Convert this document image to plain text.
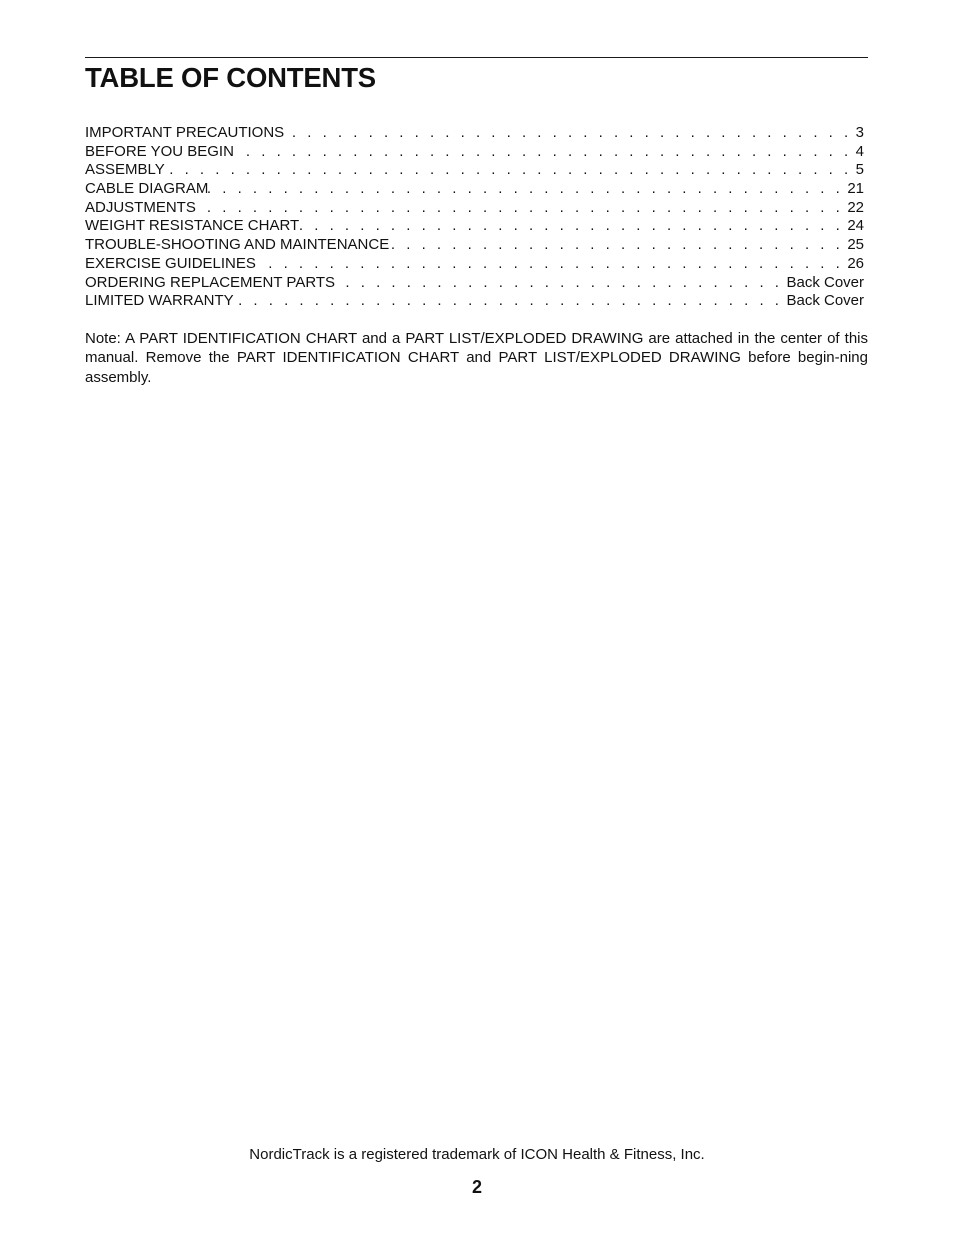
TABLE OF CONTENTS
IMPORTANT PRECAUTIONS . . .	3
BEFORE YOU BEGIN . . .	4
ASSEMBLY . . .	5
CABLE DIAGRAM . . .	21
ADJUSTMENTS . . .	22
WEIGHT RESISTANCE CHART . . .	24
TROUBLE-SHOOTING AND MAINTENANCE . . .	25
EXERCISE GUIDELINES . . .	26
ORDERING REPLACEMENT PARTS . . .	Back Cover
LIMITED WARRANTY . . .	Back Cover

Note: A PART IDENTIFICATION CHART and a PART LIST/EXPLODED DRAWING are attached in the center of this manual. Remove the PART IDENTIFICATION CHART and PART LIST/EXPLODED DRAWING before begin-ning assembly.

NordicTrack is a registered trademark of ICON Health & Fitness, Inc.

2
